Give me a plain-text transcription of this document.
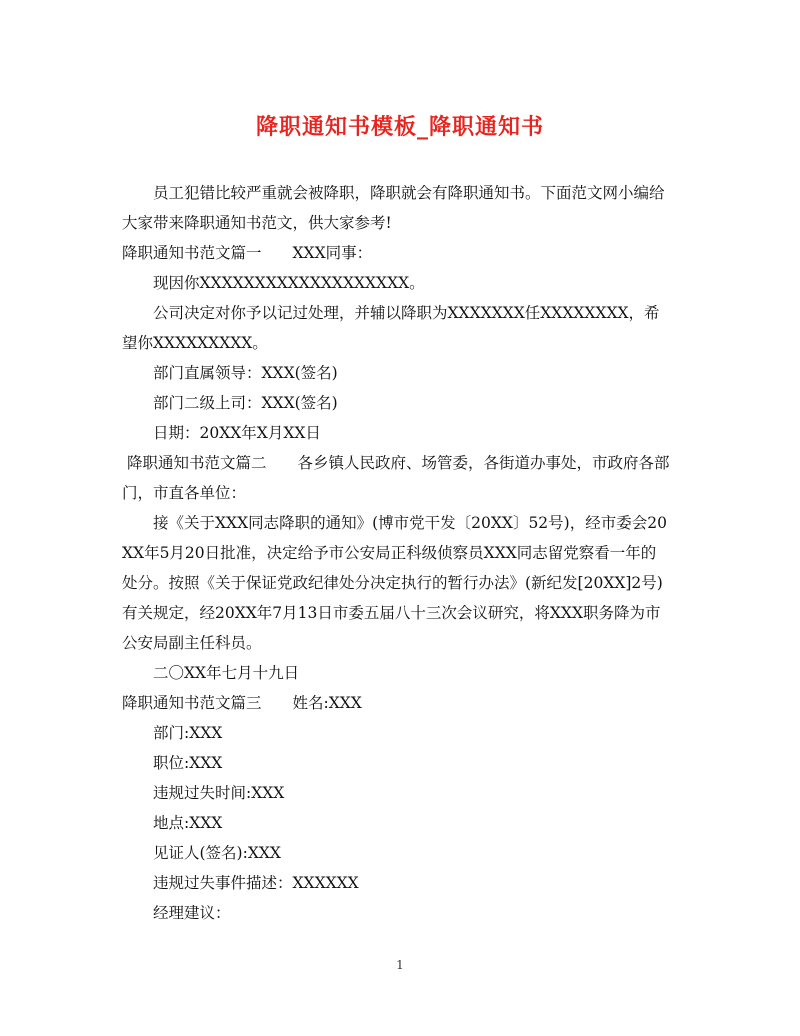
降职通知书模板_降职通知书

员工犯错比较严重就会被降职，降职就会有降职通知书。下面范文网小编给大家带来降职通知书范文，供大家参考!

降职通知书范文篇一　　XXX同事：

现因你XXXXXXXXXXXXXXXXXXX。

公司决定对你予以记过处理，并辅以降职为XXXXXXX任XXXXXXXX，希望你XXXXXXXXX。

部门直属领导：XXX(签名)

部门二级上司：XXX(签名)

日期：20XX年X月XX日

降职通知书范文篇二　　各乡镇人民政府、场管委，各街道办事处，市政府各部门，市直各单位：

接《关于XXX同志降职的通知》(博市党干发〔20XX〕52号)，经市委会20XX年5月20日批准，决定给予市公安局正科级侦察员XXX同志留党察看一年的处分。按照《关于保证党政纪律处分决定执行的暂行办法》(新纪发[20XX]2号)有关规定，经20XX年7月13日市委五届八十三次会议研究，将XXX职务降为市公安局副主任科员。

二〇XX年七月十九日

降职通知书范文篇三　　姓名:XXX

部门:XXX

职位:XXX

违规过失时间:XXX

地点:XXX

见证人(签名):XXX

违规过失事件描述：XXXXXX

经理建议：

1
